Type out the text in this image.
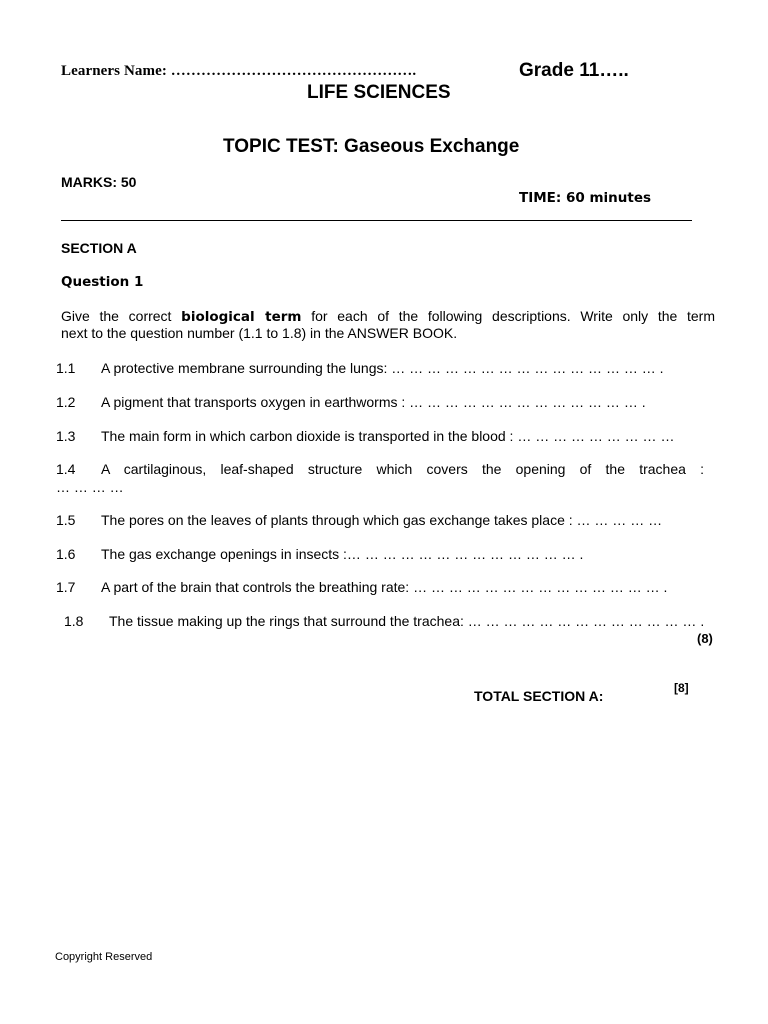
Learners Name: ………………………………………….	Grade 11…..
LIFE SCIENCES
TOPIC TEST: Gaseous Exchange
MARKS: 50
TIME: 60 minutes
SECTION A
Question 1
Give the correct biological term for each of the following descriptions. Write only the term
next to the question number (1.1 to 1.8) in the ANSWER BOOK.
1.1 A protective membrane surrounding the lungs: … … … … … … … … … … … … … … … .
1.2 A pigment that transports oxygen in earthworms : … … … … … … … … … … … … … .
1.3 The main form in which carbon dioxide is transported in the blood : … … … … … … … … …
1.4 A cartilaginous, leaf-shaped structure which covers the opening of the trachea :
… … … …
1.5 The pores on the leaves of plants through which gas exchange takes place : … … … … …
1.6 The gas exchange openings in insects :… … … … … … … … … … … … … .
1.7 A part of the brain that controls the breathing rate: … … … … … … … … … … … … … … .
1.8 The tissue making up the rings that surround the trachea: … … … … … … … … … … … … … .
(8)
TOTAL SECTION A:	[8]
Copyright Reserved
